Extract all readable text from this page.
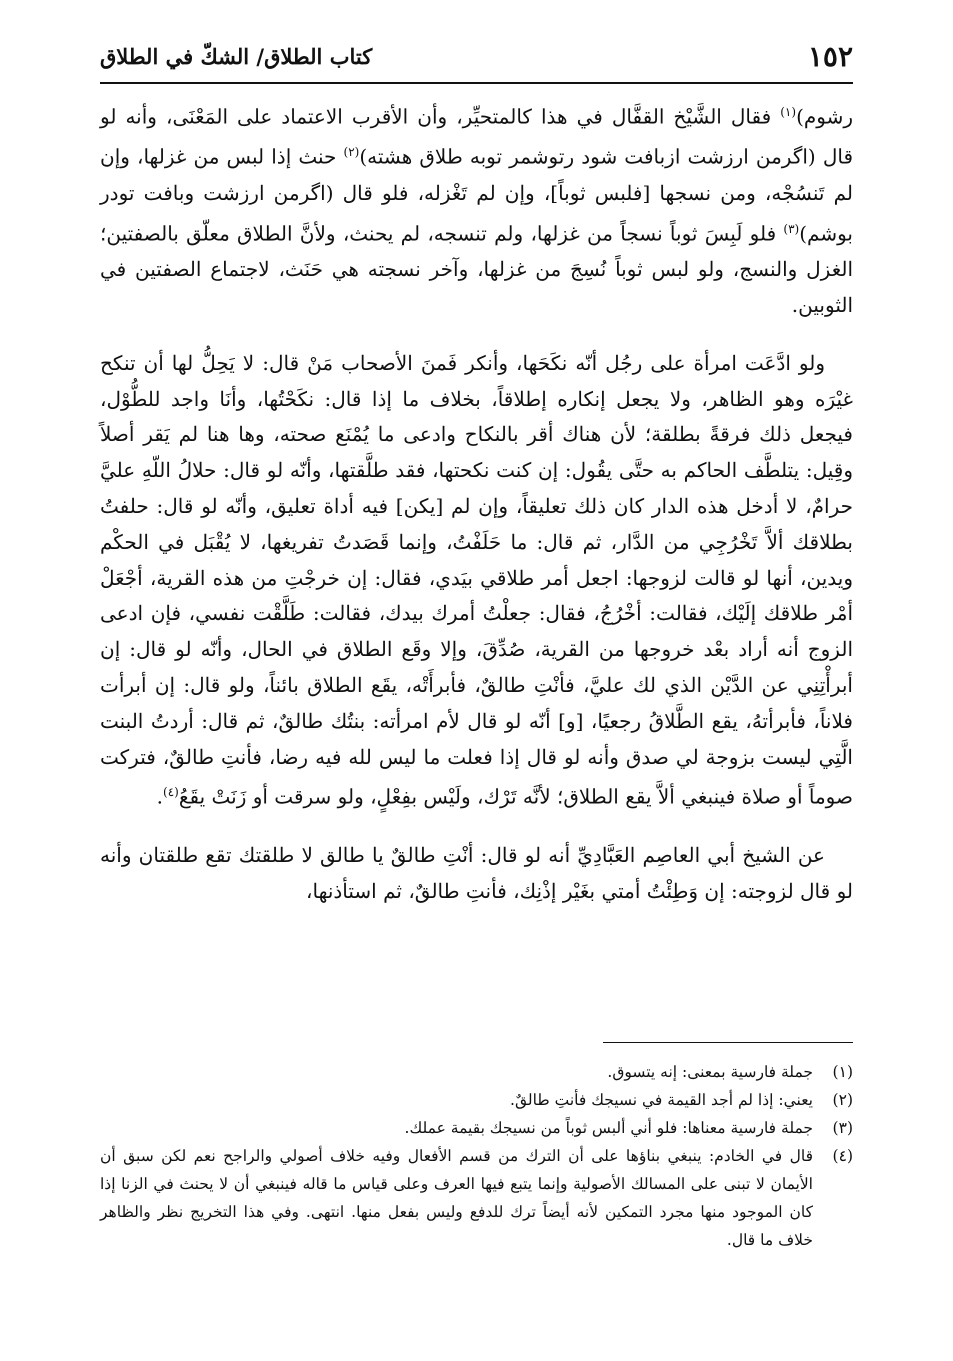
١٥٢
كتاب الطلاق/ الشكّ في الطلاق

رشوم)$^{(١)}$ فقال الشَّيْخ القفَّال في هذا كالمتحيِّر، وأن الأقرب الاعتماد على المَعْنَى، وأنه لو قال (اگرمن ارزشت ازبافت شود رتوشمر توبه طلاق هشته)$^{(٢)}$ حنث إذا لبس من غزلها، وإن لم تَنسُجْه، ومن نسجها [فلبس ثوباً]، وإن لم تَغْزله، فلو قال (اگرمن ارزشت وبافت تودر بوشم)$^{(٣)}$ فلو لَبِسَ ثوباً نسجاً من غزلها، ولم تنسجه، لم يحنث، ولأنَّ الطلاق معلّق بالصفتين؛ الغزل والنسج، ولو لبس ثوباً نُسِجَ من غزلها، وآخر نسجته هي حَنَث، لاجتماع الصفتين في الثوبين.

ولو ادَّعَت امرأة على رجُل أنّه نكَحَها، وأنكر فَمنَ الأصحاب مَنْ قال: لا يَحِلُّ لها أن تنكح غيْرَه وهو الظاهر، ولا يجعل إنكاره إطلاقاً، بخلاف ما إذا قال: نكَحْتُها، وأنَا واجد للطُّوْل، فيجعل ذلك فرقةً بطلقة؛ لأن هناك أقر بالنكاح وادعى ما يُمْنَع صحته، وها هنا لم يَقر أصلاً وقِيل: يتلطَّف الحاكم به حتَّى يقُول: إن كنت نكحتها، فقد طلَّقتها، وأنّه لو قال: حلالُ اللّهِ عليَّ حرامٌ، لا أدخل هذه الدار كان ذلك تعليقاً، وإن لم [يكن] فيه أداة تعليق، وأنّه لو قال: حلفتُ بطلاقك ألاَّ تَخْرُجِي من الدَّار، ثم قال: ما حَلَفْتُ، وإنما قَصَدتُ تفريغها، لا يُقْبَل في الحكْم ويدين، أنها لو قالت لزوجها: اجعل أمر طلاقي بيَدي، فقال: إن خرجْتِ من هذه القرية، أجْعَلْ أمْر طلاقك إلَيْك، فقالت: أخْرُجُ، فقال: جعلْتُ أمرك بيدك، فقالت: طَلَّقْت نفسي، فإن ادعى الزوج أنه أراد بعْد خروجها من القرية، صُدِّقَ، وإلا وقَع الطلاق في الحال، وأنّه لو قال: إن أبرأْتِنِي عن الدَّيْن الذي لك عليَّ، فأنْتِ طالقٌ، فأبرأَتْه، يقَع الطلاق بائناً، ولو قال: إن أبرأت فلاناً، فأبرأتهُ، يقع الطَّلاقُ رجعيًا، [و] أنّه لو قال لأم امرأته: بنتُك طالقٌ، ثم قال: أردتُ البنت الَّتِي ليست بزوجة لي صدق وأنه لو قال إذا فعلت ما ليس لله فيه رضا، فأنتِ طالقٌ، فتركت صوماً أو صلاة فينبغي ألاَّ يقع الطلاق؛ لأنَّه تَرْك، ولَيْس بفِعْلٍ، ولو سرقت أو زَنَتْ يقَعُ$^{(٤)}$.

عن الشيخ أبي العاصِم العَبَّادِيِّ أنه لو قال: أنْتِ طالقٌ يا طالق لا طلقتك تقع طلقتان وأنه لو قال لزوجته: إن وَطِئْتُ أمتي بغَيْر إذْنِك، فأنتِ طالقٌ، ثم استأذنها،

(١)
جملة فارسية بمعنى: إنه يتسوق.
(٢)
يعني: إذا لم أجد القيمة في نسيجك فأنتِ طالقٌ.
(٣)
جملة فارسية معناها: فلو أني ألبس ثوباً من نسيجك بقيمة عملك.
(٤)
قال في الخادم: ينبغي بناؤها على أن الترك من قسم الأفعال وفيه خلاف أصولي والراجح نعم لكن سبق أن الأيمان لا تبنى على المسالك الأصولية وإنما يتبع فيها العرف وعلى قياس ما قاله فينبغي أن لا يحنث في الزنا إذا كان الموجود منها مجرد التمكين لأنه أيضاً ترك للدفع وليس بفعل منها. انتهى. وفي هذا التخريج نظر والظاهر خلاف ما قال.
